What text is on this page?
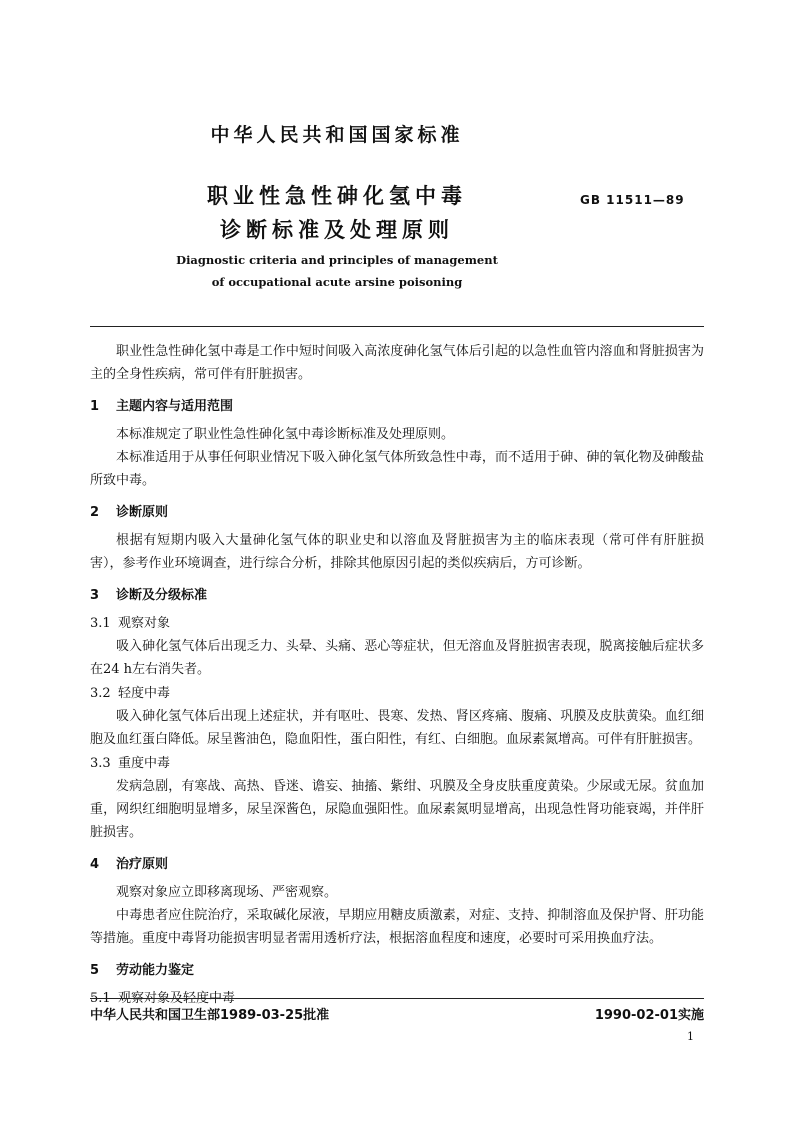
中华人民共和国国家标准
职业性急性砷化氢中毒
诊断标准及处理原则
GB 11511—89
Diagnostic criteria and principles of management
of occupational acute arsine poisoning

职业性急性砷化氢中毒是工作中短时间吸入高浓度砷化氢气体后引起的以急性血管内溶血和肾脏损害为主的全身性疾病，常可伴有肝脏损害。

1 主题内容与适用范围

本标准规定了职业性急性砷化氢中毒诊断标准及处理原则。

本标准适用于从事任何职业情况下吸入砷化氢气体所致急性中毒，而不适用于砷、砷的氧化物及砷酸盐所致中毒。

2 诊断原则

根据有短期内吸入大量砷化氢气体的职业史和以溶血及肾脏损害为主的临床表现（常可伴有肝脏损害），参考作业环境调查，进行综合分析，排除其他原因引起的类似疾病后，方可诊断。

3 诊断及分级标准
3.1 观察对象

吸入砷化氢气体后出现乏力、头晕、头痛、恶心等症状，但无溶血及肾脏损害表现，脱离接触后症状多在24 h左右消失者。

3.2 轻度中毒

吸入砷化氢气体后出现上述症状，并有呕吐、畏寒、发热、肾区疼痛、腹痛、巩膜及皮肤黄染。血红细胞及血红蛋白降低。尿呈酱油色，隐血阳性，蛋白阳性，有红、白细胞。血尿素氮增高。可伴有肝脏损害。

3.3 重度中毒

发病急剧，有寒战、高热、昏迷、谵妄、抽搐、紫绀、巩膜及全身皮肤重度黄染。少尿或无尿。贫血加重，网织红细胞明显增多，尿呈深酱色，尿隐血强阳性。血尿素氮明显增高，出现急性肾功能衰竭，并伴肝脏损害。

4 治疗原则

观察对象应立即移离现场、严密观察。

中毒患者应住院治疗，采取碱化尿液，早期应用糖皮质激素，对症、支持、抑制溶血及保护肾、肝功能等措施。重度中毒肾功能损害明显者需用透析疗法，根据溶血程度和速度，必要时可采用换血疗法。

5 劳动能力鉴定
5.1 观察对象及轻度中毒
中华人民共和国卫生部1989-03-25批准	1990-02-01实施
1
